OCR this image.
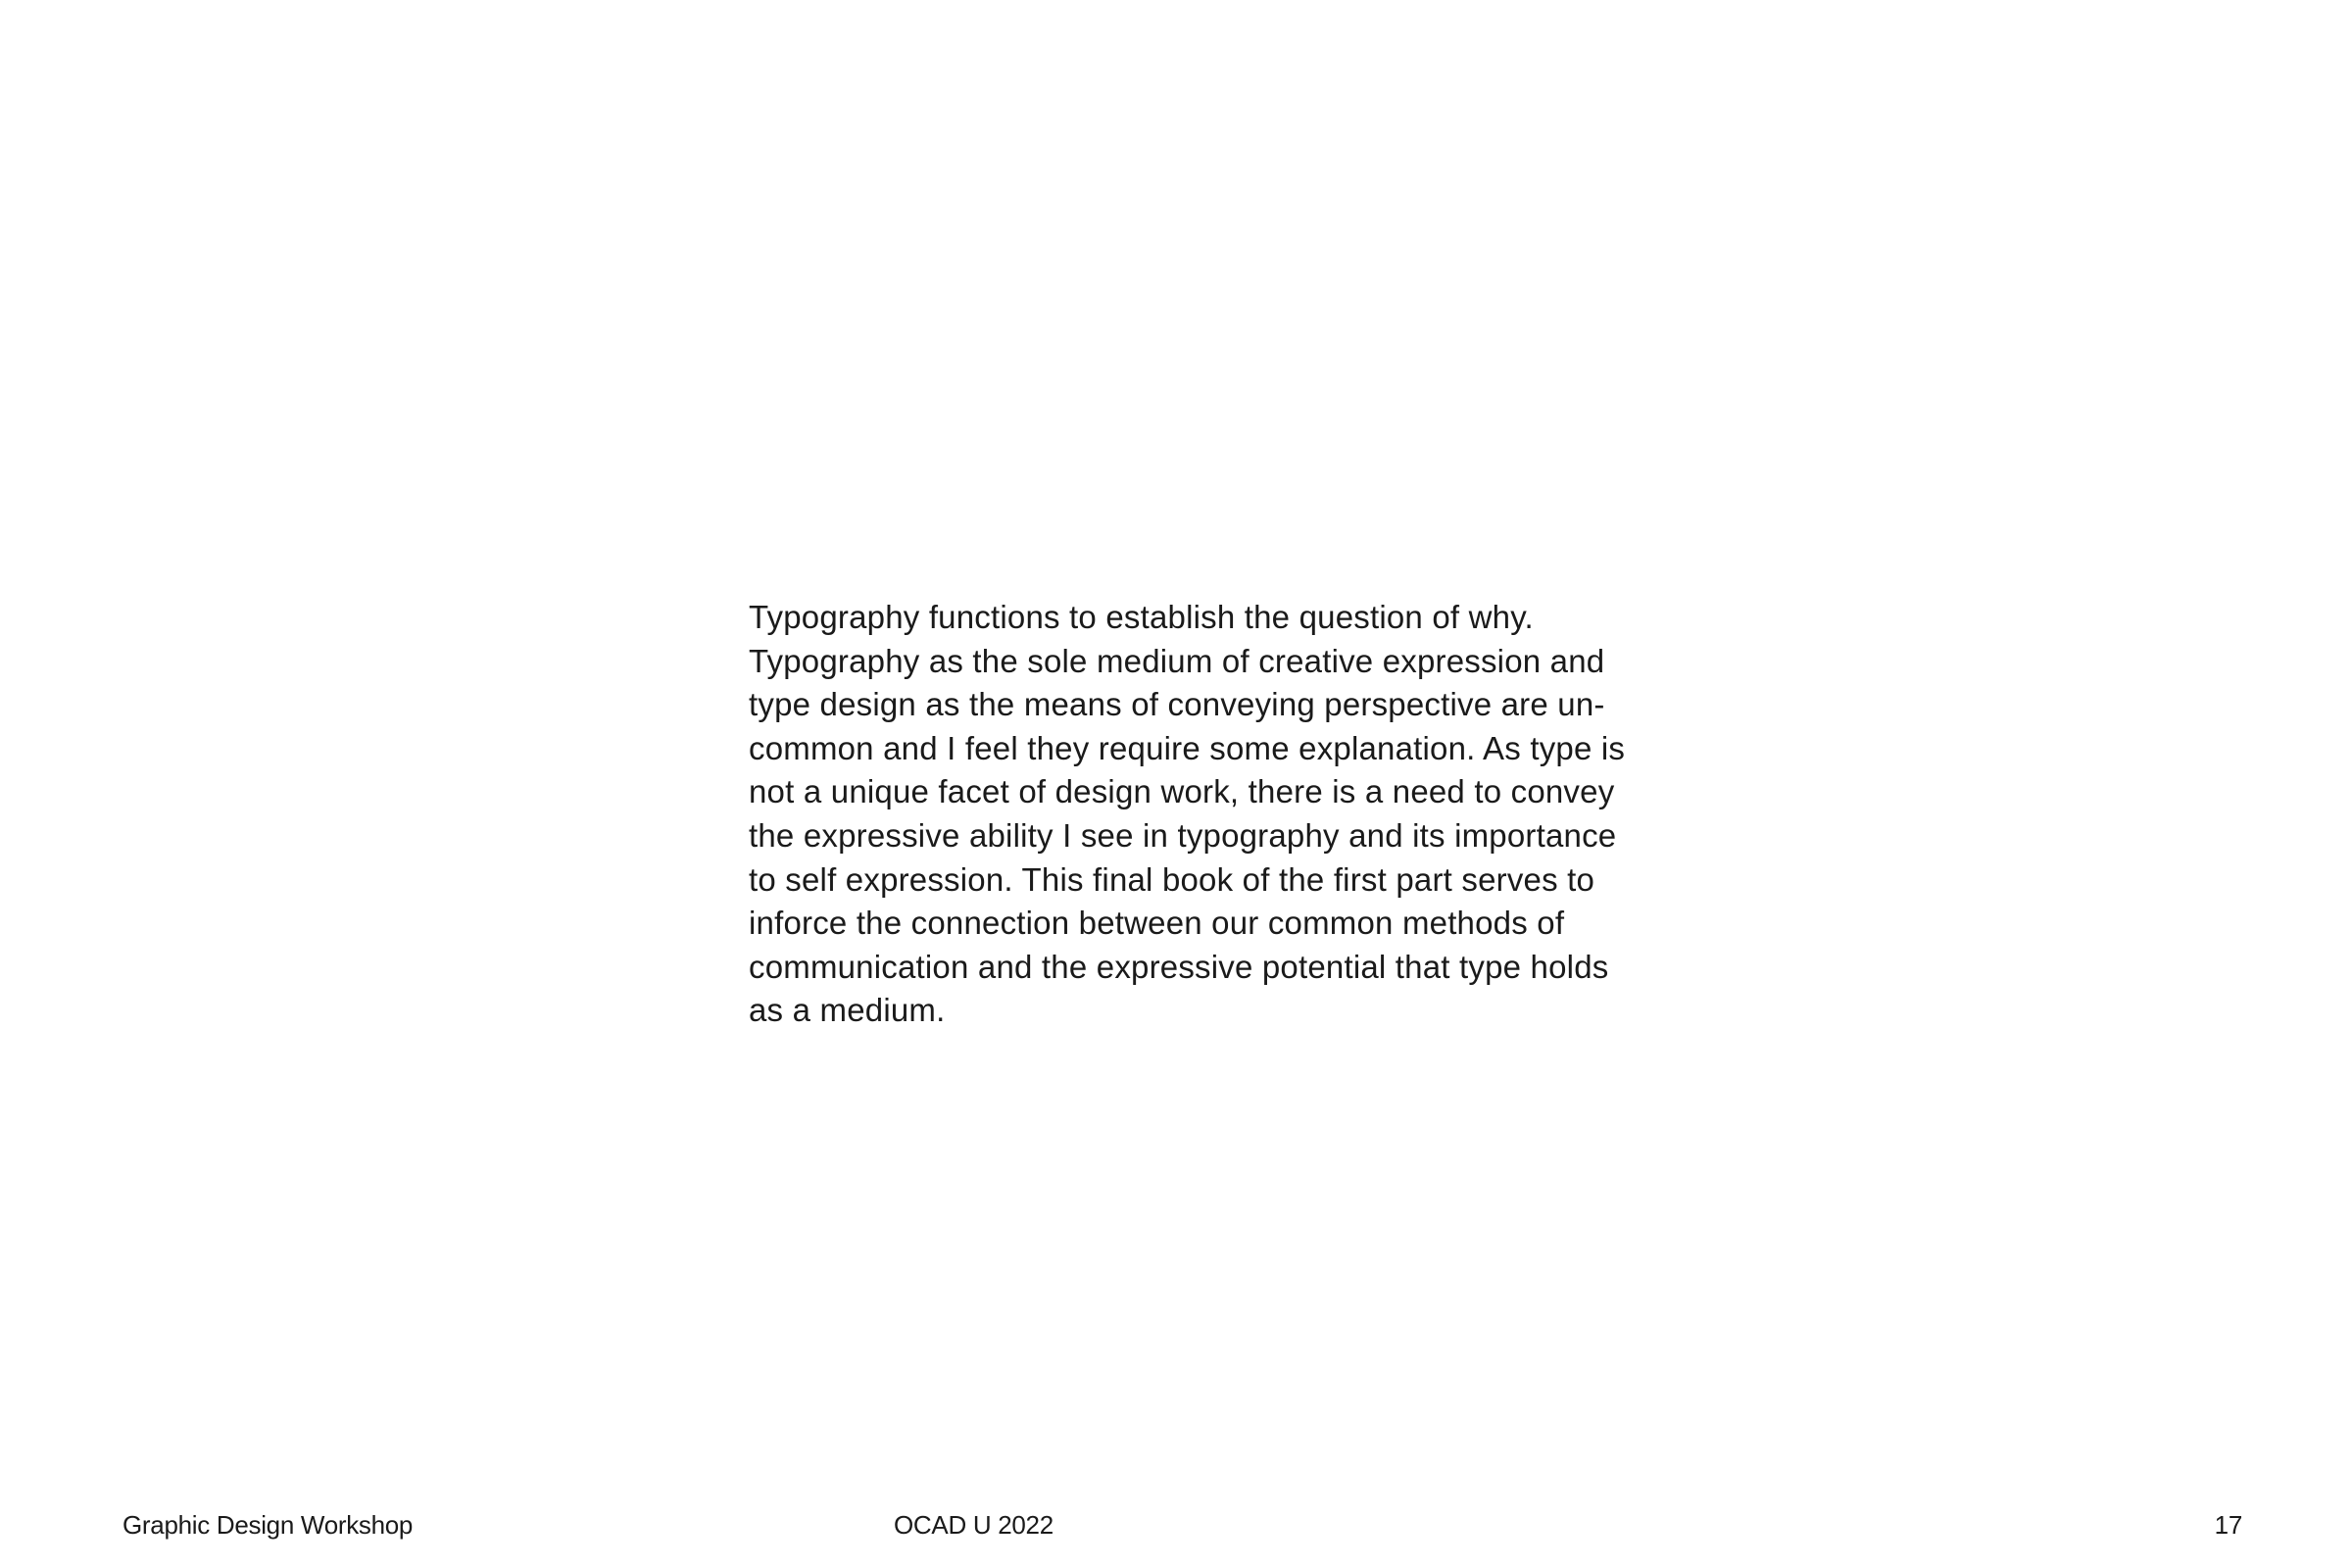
Typography functions to establish the question of why.
Typography as the sole medium of creative expression and
type design as the means of conveying perspective are un-
common and I feel they require some explanation. As type is
not a unique facet of design work, there is a need to convey
the expressive ability I see in typography and its importance
to self expression. This final book of the first part serves to
inforce the connection between our common methods of
communication and the expressive potential that type holds
as a medium.

Graphic Design Workshop	OCAD U 2022	17
